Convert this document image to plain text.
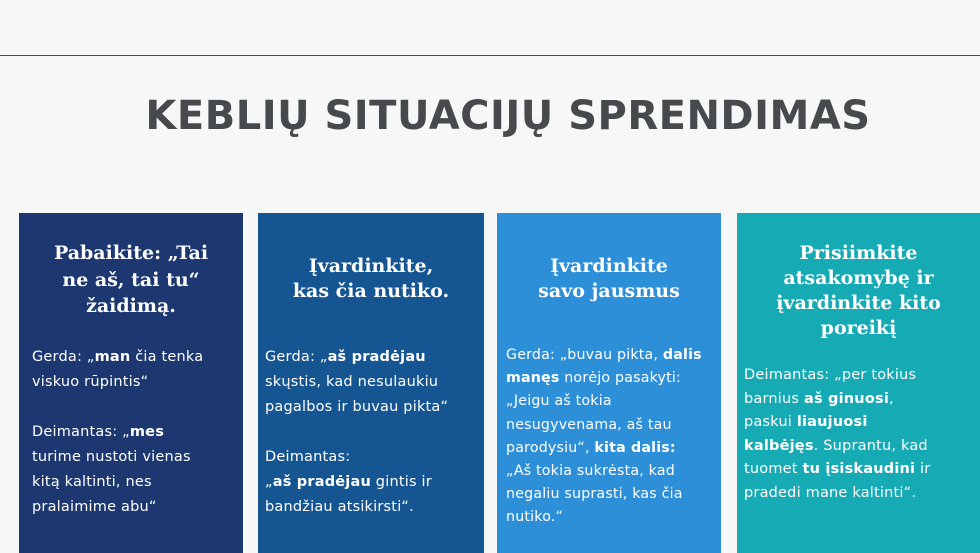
KEBLIŲ SITUACIJŲ SPRENDIMAS
Pabaikite: „Tai
ne aš, tai tu“
žaidimą.

Gerda: „man čia tenka
viskuo rūpintis“

Deimantas: „mes
turime nustoti vienas
kitą kaltinti, nes
pralaimime abu“

Įvardinkite,
kas čia nutiko.

Gerda: „aš pradėjau
skųstis, kad nesulaukiu
pagalbos ir buvau pikta“

Deimantas:
„aš pradėjau gintis ir
bandžiau atsikirsti“.

Įvardinkite
savo jausmus

Gerda: „buvau pikta, dalis
manęs norėjo pasakyti:
„Jeigu aš tokia
nesugyvenama, aš tau
parodysiu“, kita dalis:
„Aš tokia sukrėsta, kad
negaliu suprasti, kas čia
nutiko.“

Prisiimkite
atsakomybę ir
įvardinkite kito
poreikį

Deimantas: „per tokius
barnius aš ginuosi,
paskui liaujuosi
kalbėjęs. Suprantu, kad
tuomet tu įsiskaudini ir
pradedi mane kaltinti“.
